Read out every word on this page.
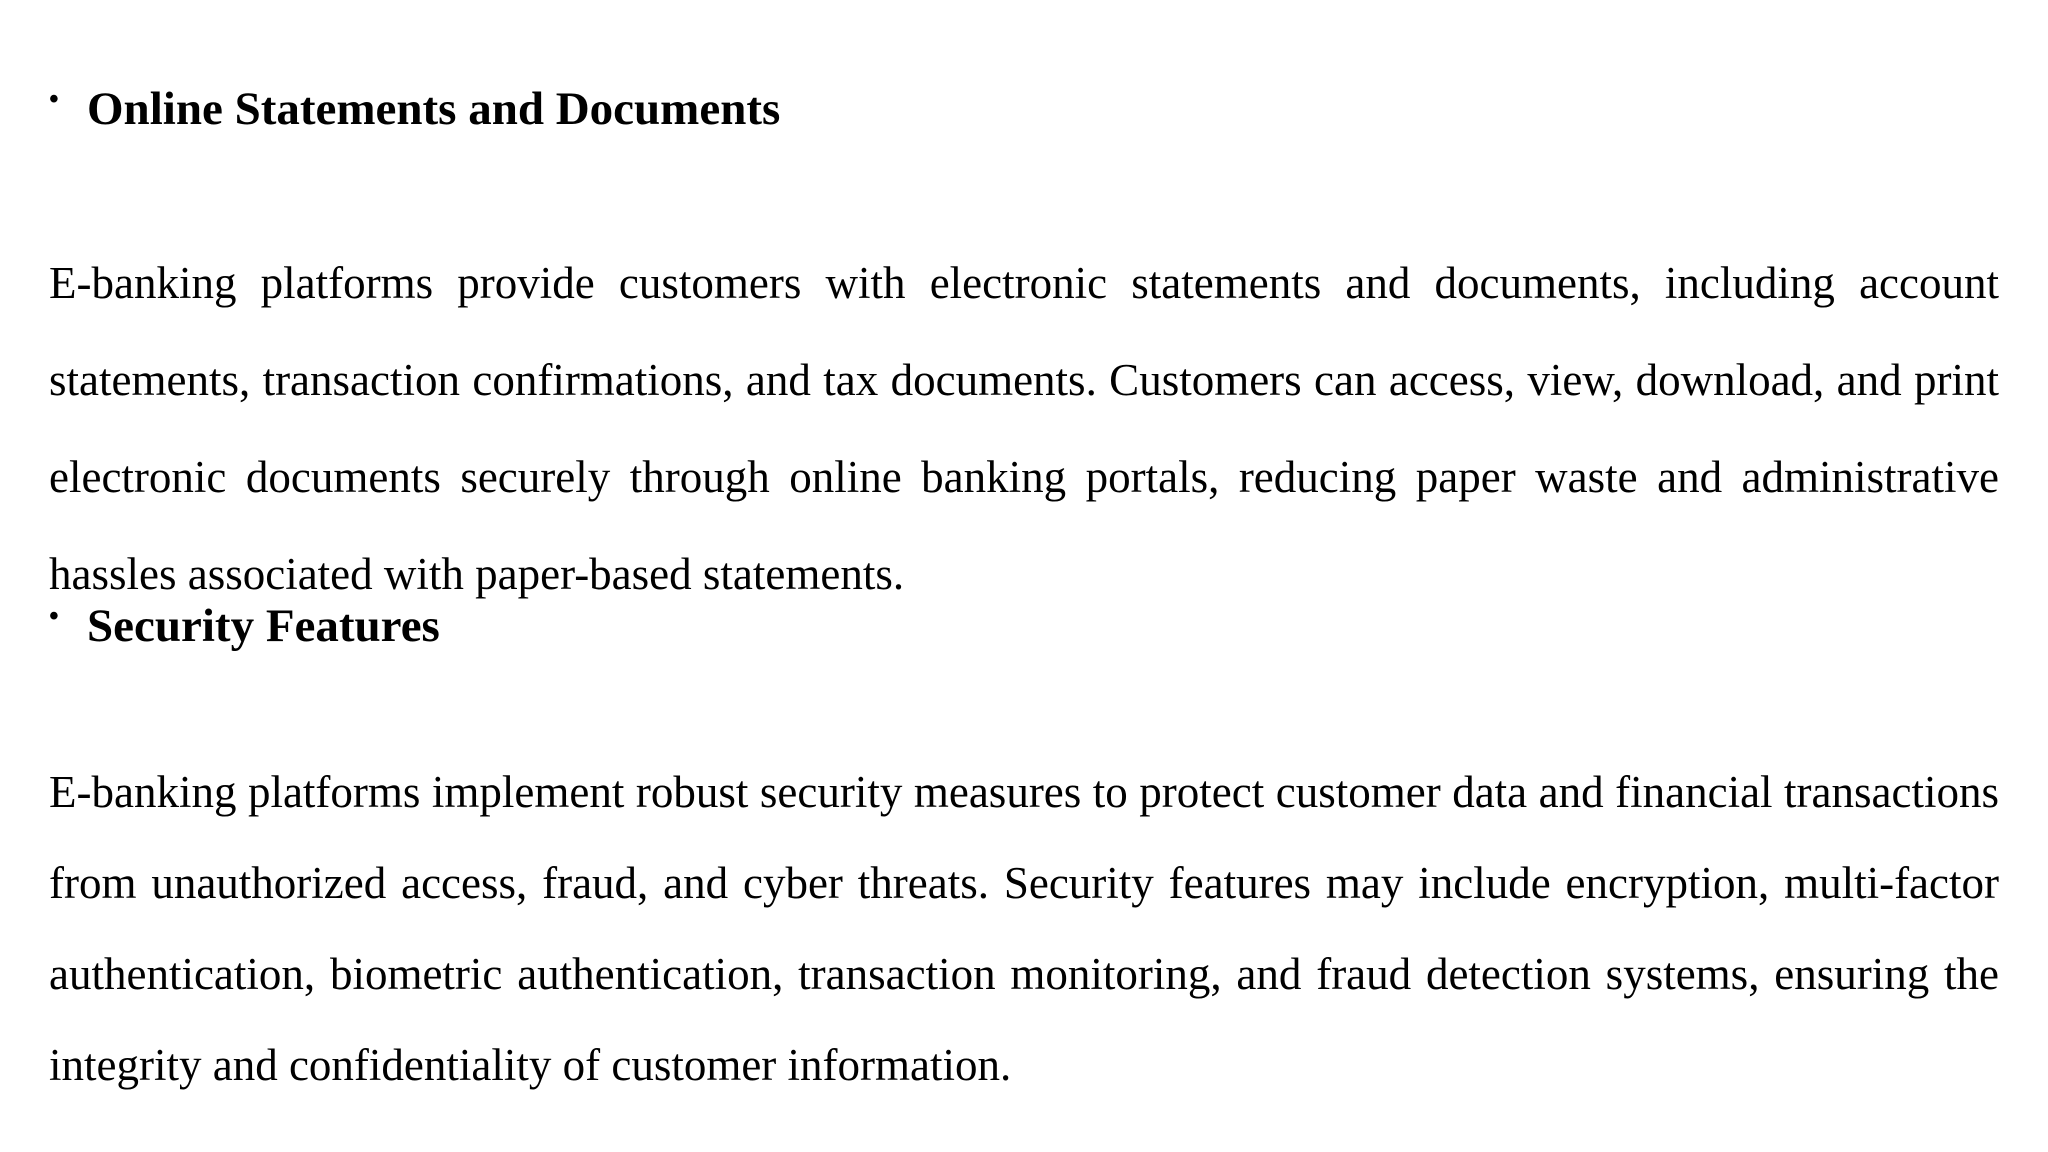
• Online Statements and Documents

E-banking platforms provide customers with electronic statements and documents, including account statements, transaction confirmations, and tax documents. Customers can access, view, download, and print electronic documents securely through online banking portals, reducing paper waste and administrative hassles associated with paper-based statements.

• Security Features

E-banking platforms implement robust security measures to protect customer data and financial transactions from unauthorized access, fraud, and cyber threats. Security features may include encryption, multi-factor authentication, biometric authentication, transaction monitoring, and fraud detection systems, ensuring the integrity and confidentiality of customer information.
